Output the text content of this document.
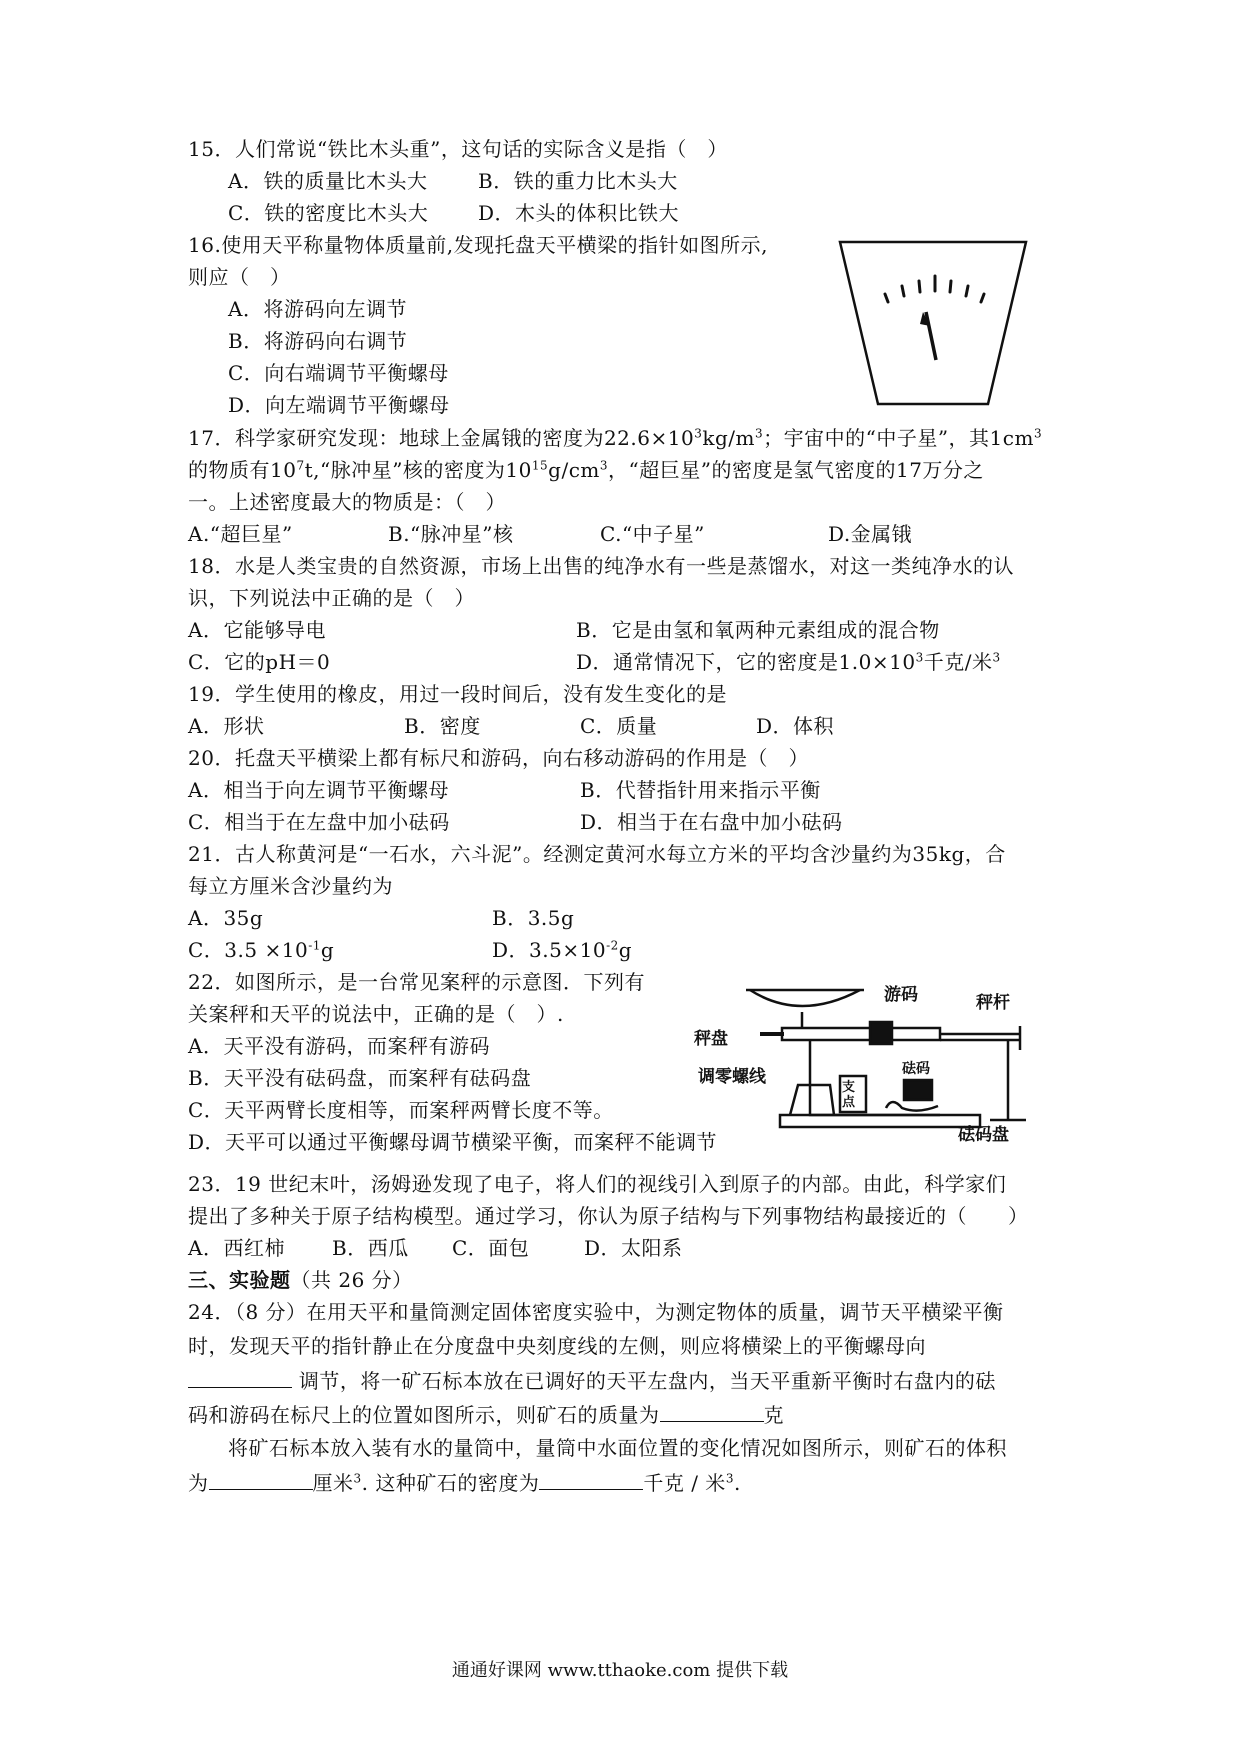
15．人们常说“铁比木头重”，这句话的实际含义是指（　）
A．铁的质量比木头大	B．铁的重力比木头大
C．铁的密度比木头大 D．木头的体积比铁大
16.使用天平称量物体质量前,发现托盘天平横梁的指针如图所示,
则应（　）
A．将游码向左调节
B．将游码向右调节
C．向右端调节平衡螺母
D．向左端调节平衡螺母
17．科学家研究发现：地球上金属锇的密度为$22.6\times 10^3kg/m^3$；宇宙中的“中子星”，其$1cm^3$
的物质有$10^7t,“$脉冲星”核的密度为$10^{15}g/cm^3$，“超巨星”的密度是氢气密度的17万分之
一。上述密度最大的物质是：（　）
A.“超巨星”	B.“脉冲星”核	C.“中子星”	D.金属锇
18．水是人类宝贵的自然资源，市场上出售的纯净水有一些是蒸馏水，对这一类纯净水的认
识，下列说法中正确的是（　）
A．它能够导电	B．它是由氢和氧两种元素组成的混合物
C．它的pH＝0	D．通常情况下，它的密度是$1.0\times 10^3$千克/米$^3$
19．学生使用的橡皮，用过一段时间后，没有发生变化的是
A．形状	B．密度	C．质量	D．体积
20．托盘天平横梁上都有标尺和游码，向右移动游码的作用是（　）
A．相当于向左调节平衡螺母	B．代替指针用来指示平衡
C．相当于在左盘中加小砝码	D．相当于在右盘中加小砝码
21．古人称黄河是“一石水，六斗泥”。经测定黄河水每立方米的平均含沙量约为35kg，合
每立方厘米含沙量约为
A．35g	B．3.5g
C．$3.5 \times 10^{-1}g$	D．$3.5\times 10^{-2}g$
22．如图所示，是一台常见案秤的示意图．下列有
关案秤和天平的说法中，正确的是（　）.
A．天平没有游码，而案秤有游码
B．天平没有砝码盘，而案秤有砝码盘
C．天平两臂长度相等，而案秤两臂长度不等。
D．天平可以通过平衡螺母调节横梁平衡，而案秤不能调节
游码	秤杆
秤盘
砝码
调零螺线
支点
砝码盘
23．19 世纪末叶，汤姆逊发现了电子，将人们的视线引入到原子的内部。由此，科学家们
提出了多种关于原子结构模型。通过学习，你认为原子结构与下列事物结构最接近的（　　）
A．西红柿 B．西瓜 C．面包	D．太阳系
三、实验题（共 26 分）
24．（8 分）在用天平和量筒测定固体密度实验中，为测定物体的质量，调节天平横梁平衡
时，发现天平的指针静止在分度盘中央刻度线的左侧，则应将横梁上的平衡螺母向
调节，将一矿石标本放在已调好的天平左盘内，当天平重新平衡时右盘内的砝
码和游码在标尺上的位置如图所示，则矿石的质量为	克
将矿石标本放入装有水的量筒中，量筒中水面位置的变化情况如图所示，则矿石的体积
为	厘米$^3$. 这种矿石的密度为	千克 / 米$^3$.
通通好课网 www.tthaoke.com 提供下载
